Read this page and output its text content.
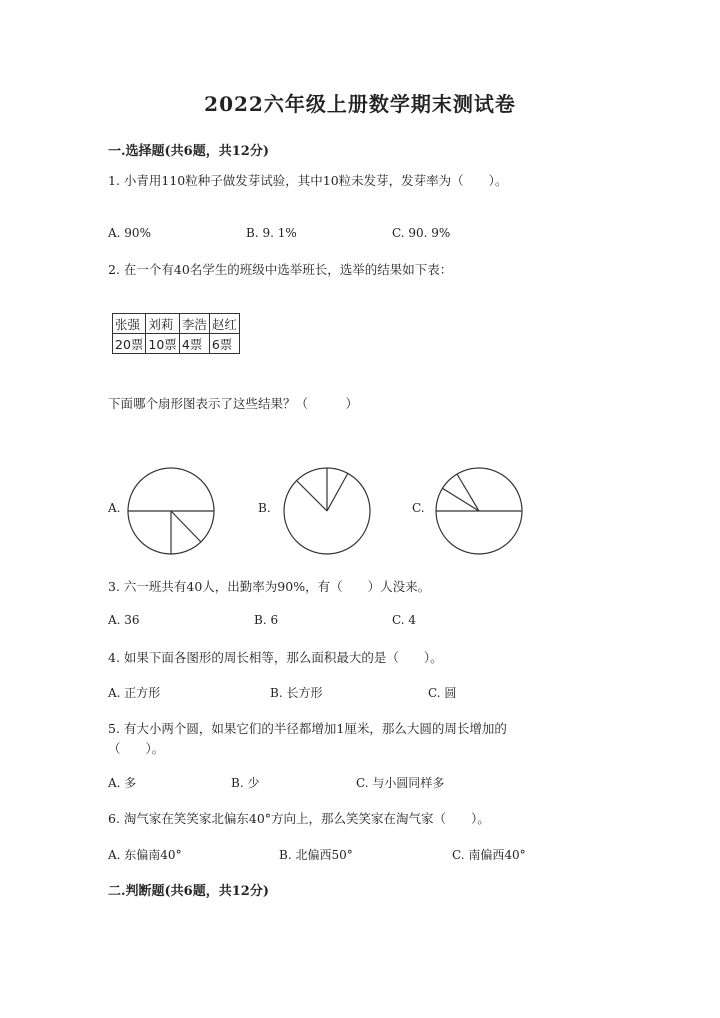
2022六年级上册数学期末测试卷
一.选择题(共6题，共12分)
1. 小青用110粒种子做发芽试验，其中10粒未发芽，发芽率为（　　）。
A. 90%	B. 9. 1%	C. 90. 9%
2. 在一个有40名学生的班级中选举班长，选举的结果如下表：
张强	刘莉	李浩	赵红
20票	10票	4票	6票
下面哪个扇形图表示了这些结果？（　　　）
A.	B.	C.
3. 六一班共有40人，出勤率为90%，有（　　）人没来。
A. 36	B. 6	C. 4
4. 如果下面各图形的周长相等，那么面积最大的是（　　）。
A. 正方形	B. 长方形	C. 圆
5. 有大小两个圆，如果它们的半径都增加1厘米，那么大圆的周长增加的
（　　）。
A. 多	B. 少	C. 与小圆同样多
6. 淘气家在笑笑家北偏东40°方向上，那么笑笑家在淘气家（　　）。
A. 东偏南40°	B. 北偏西50°	C. 南偏西40°
二.判断题(共6题，共12分)
